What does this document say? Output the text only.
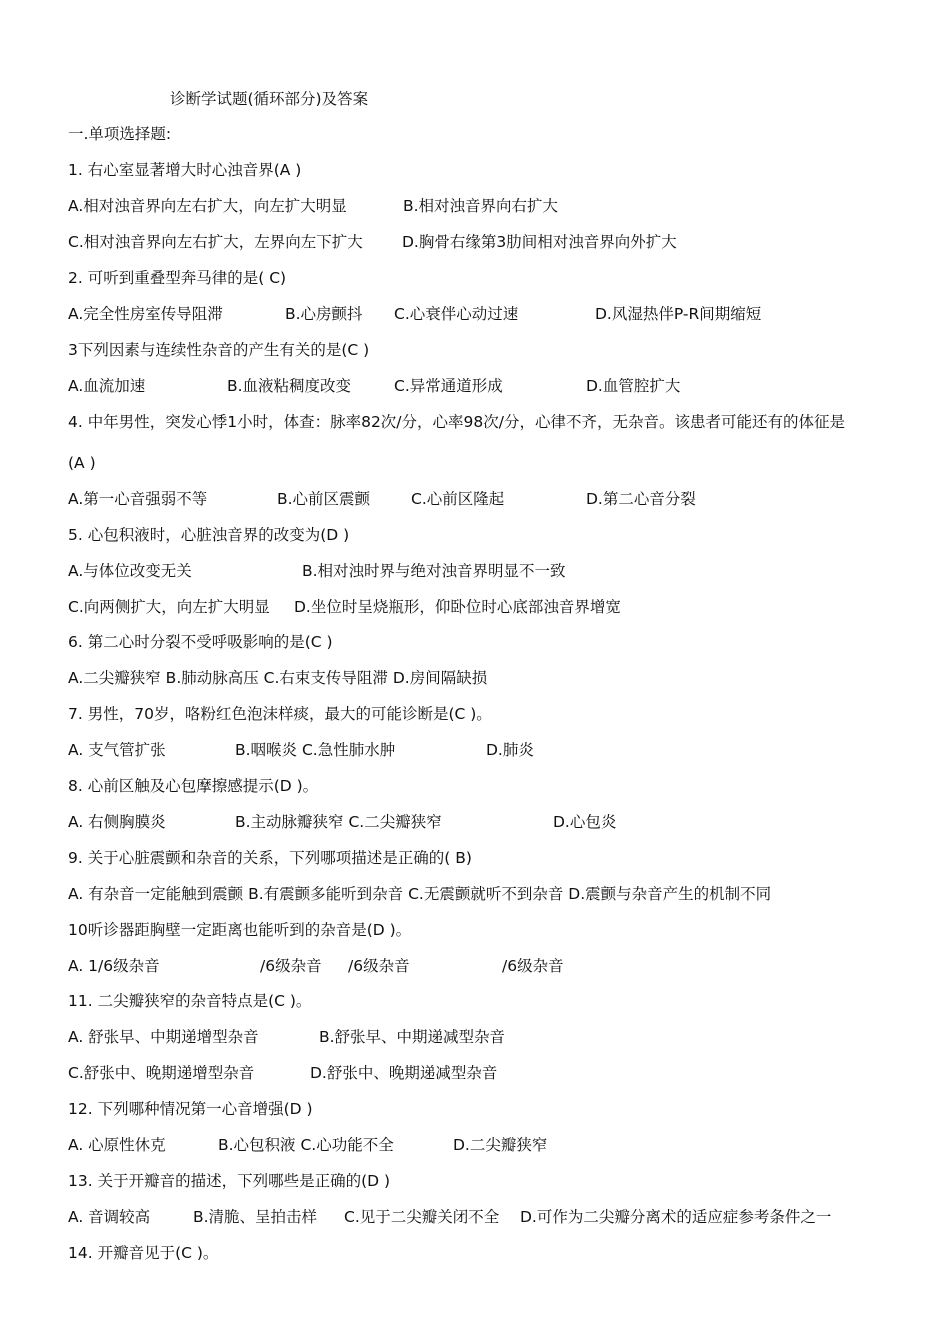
诊断学试题(循环部分)及答案
一.单项选择题:
1. 右心室显著增大时心浊音界(A )
A.相对浊音界向左右扩大，向左扩大明显	B.相对浊音界向右扩大
C.相对浊音界向左右扩大，左界向左下扩大	D.胸骨右缘第3肋间相对浊音界向外扩大
2. 可听到重叠型奔马律的是( C)
A.完全性房室传导阻滞	B.心房颤抖 C.心衰伴心动过速	D.风湿热伴P-R间期缩短
3下列因素与连续性杂音的产生有关的是(C )
A.血流加速	B.血液粘稠度改变	C.异常通道形成	D.血管腔扩大
4. 中年男性，突发心悸1小时，体查：脉率82次/分，心率98次/分，心律不齐，无杂音。该患者可能还有的体征是
(A )
A.第一心音强弱不等	B.心前区震颤	C.心前区隆起	D.第二心音分裂
5. 心包积液时，心脏浊音界的改变为(D )
A.与体位改变无关	B.相对浊时界与绝对浊音界明显不一致
C.向两侧扩大，向左扩大明显 D.坐位时呈烧瓶形，仰卧位时心底部浊音界增宽
6. 第二心时分裂不受呼吸影响的是(C )
A.二尖瓣狭窄 B.肺动脉高压 C.右束支传导阻滞 D.房间隔缺损
7. 男性，70岁，咯粉红色泡沫样痰，最大的可能诊断是(C )。
A. 支气管扩张	B.咽喉炎 C.急性肺水肿	D.肺炎
8. 心前区触及心包摩擦感提示(D )。
A. 右侧胸膜炎	B.主动脉瓣狭窄 C.二尖瓣狭窄	D.心包炎
9. 关于心脏震颤和杂音的关系，下列哪项描述是正确的( B)
A. 有杂音一定能触到震颤 B.有震颤多能听到杂音 C.无震颤就听不到杂音 D.震颤与杂音产生的机制不同
10听诊器距胸壁一定距离也能听到的杂音是(D )。
A. 1/6级杂音	/6级杂音 /6级杂音	/6级杂音
11. 二尖瓣狭窄的杂音特点是(C )。
A. 舒张早、中期递增型杂音	B.舒张早、中期递减型杂音
C.舒张中、晚期递增型杂音	D.舒张中、晚期递减型杂音
12. 下列哪种情况第一心音增强(D )
A. 心原性休克	B.心包积液 C.心功能不全	D.二尖瓣狭窄
13. 关于开瓣音的描述，下列哪些是正确的(D )
A. 音调较高	B.清脆、呈拍击样 C.见于二尖瓣关闭不全 D.可作为二尖瓣分离术的适应症参考条件之一
14. 开瓣音见于(C )。
